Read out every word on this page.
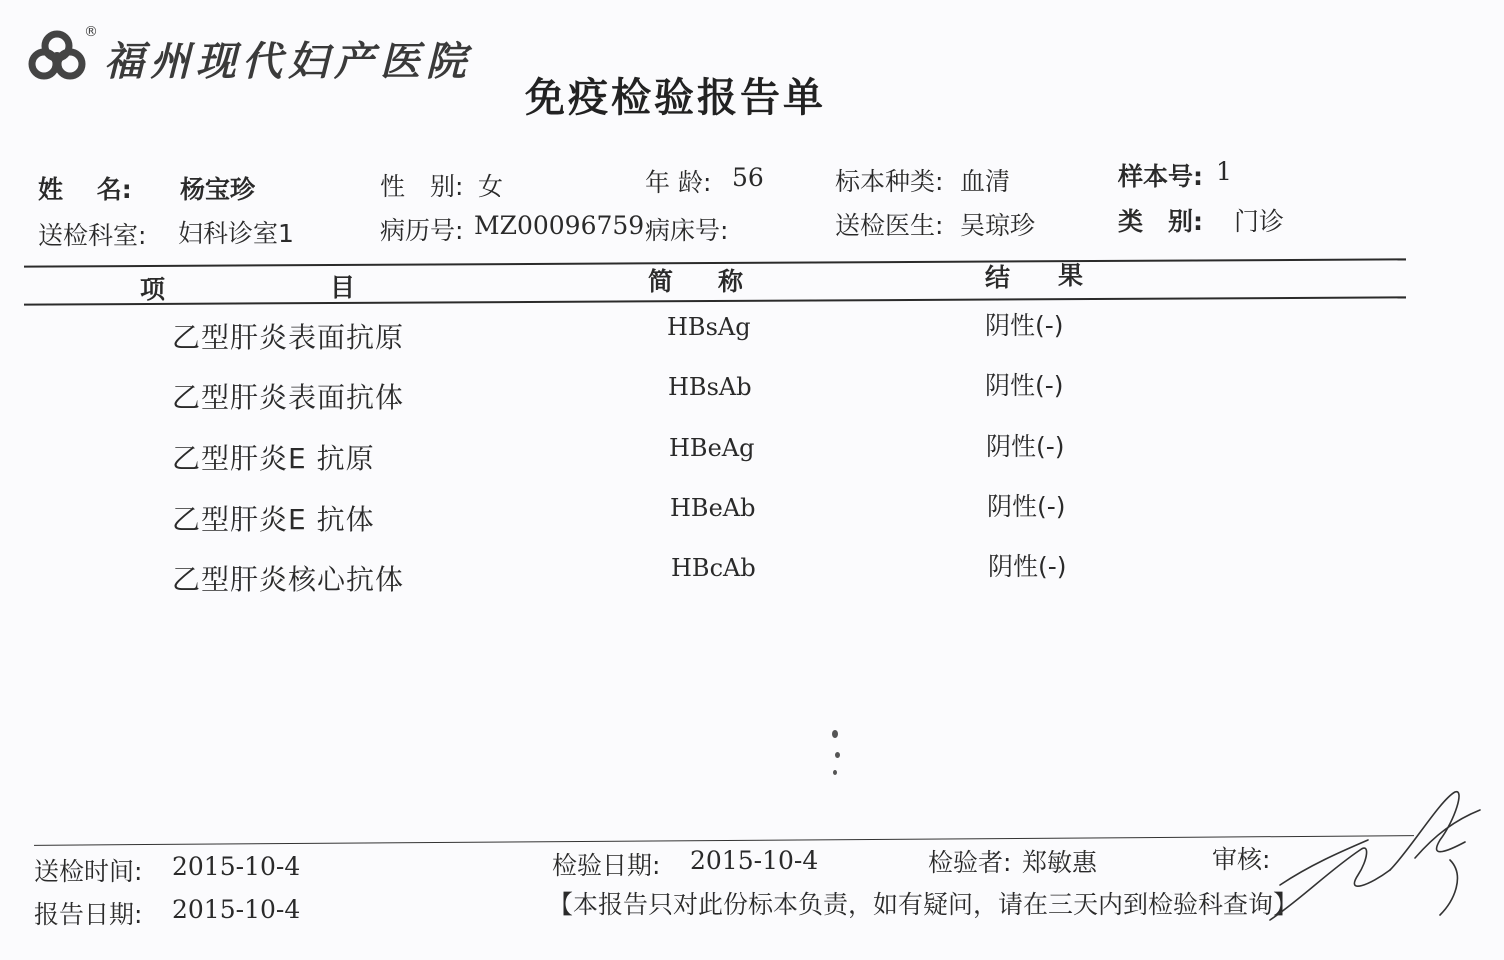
®
福州现代妇产医院
免疫检验报告单
姓　 名: 杨宝珍	性　别: 女	年 龄: 56	标本种类: 血清	样本号: 1
送检科室: 妇科诊室1	病历号: MZ00096759 病床号:	送检医生: 吴琼珍	类　别: 门诊
项	目	简 称	结 果
乙型肝炎表面抗原	HBsAg	阴性(-)
乙型肝炎表面抗体	HBsAb	阴性(-)
乙型肝炎E 抗原	HBeAg	阴性(-)
乙型肝炎E 抗体	HBeAb	阴性(-)
乙型肝炎核心抗体	HBcAb	阴性(-)
送检时间: 2015-10-4	检验日期: 2015-10-4	检验者: 郑敏惠	审核:
报告日期: 2015-10-4	【本报告只对此份标本负责，如有疑问，请在三天内到检验科查询】
